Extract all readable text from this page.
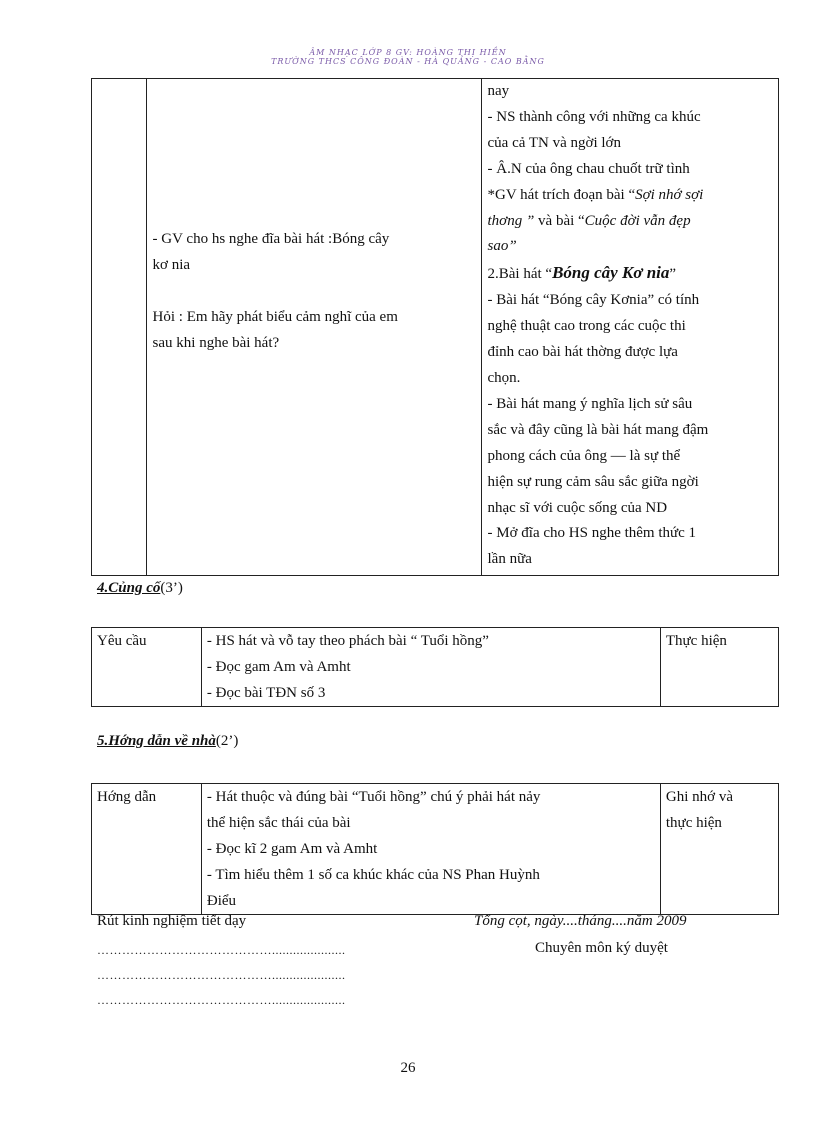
ÂM NHẠC LỚP 8 GV: HOÀNG THỊ HIỀN
TRƯỜNG THCS CÔNG ĐOÀN - HÀ QUẢNG - CAO BẰNG

- GV cho hs nghe đĩa bài hát :Bóng cây
kơ nia

Hỏi : Em hãy phát biểu cảm nghĩ của em
sau khi nghe bài hát?
	nay
- NS thành công với những ca khúc
của cả TN và ngời lớn
- Â.N của ông chau chuốt trữ tình
*GV hát trích đoạn bài “Sợi nhớ sợi
thơng ” và bài “Cuộc đời vẫn đẹp
sao”
2.Bài hát “Bóng cây Kơ nia”
- Bài hát “Bóng cây Kơnia” có tính
nghệ thuật cao trong các cuộc thi
đỉnh cao bài hát thờng được lựa
chọn.
- Bài hát mang ý nghĩa lịch sử sâu
sắc và đây cũng là bài hát mang đậm
phong cách của ông — là sự thể
hiện sự rung cảm sâu sắc giữa ngời
nhạc sĩ với cuộc sống của ND
- Mở đĩa cho HS nghe thêm thức 1
lần nữa
4.Củng cố(3’)
Yêu cầu	- HS hát và vỗ tay theo phách bài “ Tuổi hồng”
- Đọc gam Am và Amht
- Đọc bài TĐN số 3	Thực hiện
5.Hớng dẫn về nhà(2’)
Hớng dẫn	- Hát thuộc và đúng bài “Tuổi hồng” chú ý phải hát nảy
thể hiện sắc thái của bài
- Đọc kĩ 2 gam Am và Amht
- Tìm hiểu thêm 1 số ca khúc khác của NS Phan Huỳnh
Điểu	Ghi nhớ và
thực hiện
Rút kinh nghiệm tiết dạy	Tổng cọt, ngày....tháng....năm 2009
Chuyên môn ký duyệt
…………………………………….....................
…………………………………….....................
…………………………………….....................
26
